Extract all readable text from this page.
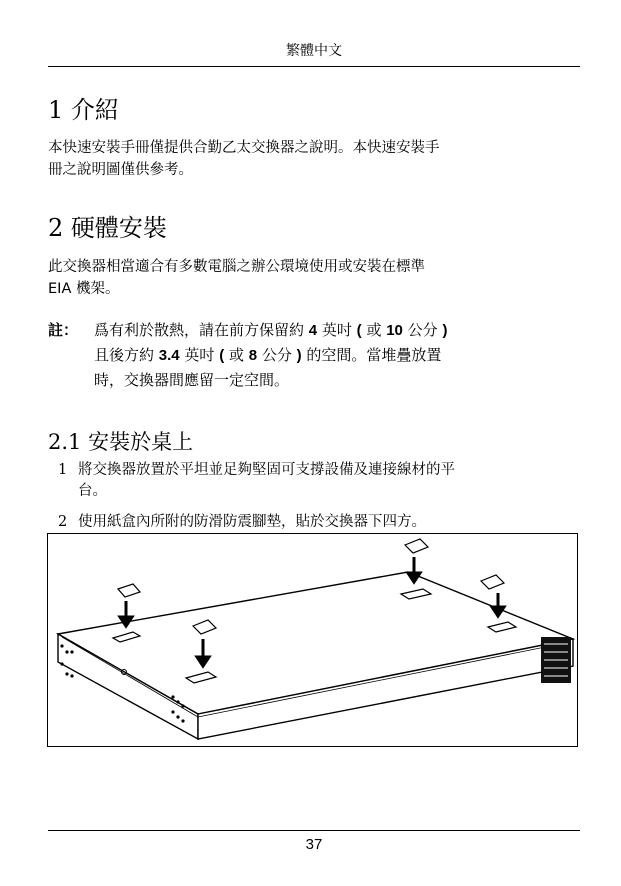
繁體中文
1 介紹
本快速安裝手冊僅提供合勤乙太交換器之說明。本快速安裝手
冊之說明圖僅供參考。
2 硬體安裝
此交換器相當適合有多數電腦之辦公環境使用或安裝在標準
EIA 機架。
註： 爲有利於散熱，請在前方保留約 4 英吋 ( 或 10 公分 )
且後方約 3.4 英吋 ( 或 8 公分 ) 的空間。當堆疊放置
時，交換器間應留一定空間。
2.1 安裝於桌上
1 將交換器放置於平坦並足夠堅固可支撐設備及連接線材的平
台。
2 使用紙盒內所附的防滑防震腳墊，貼於交換器下四方。
37
